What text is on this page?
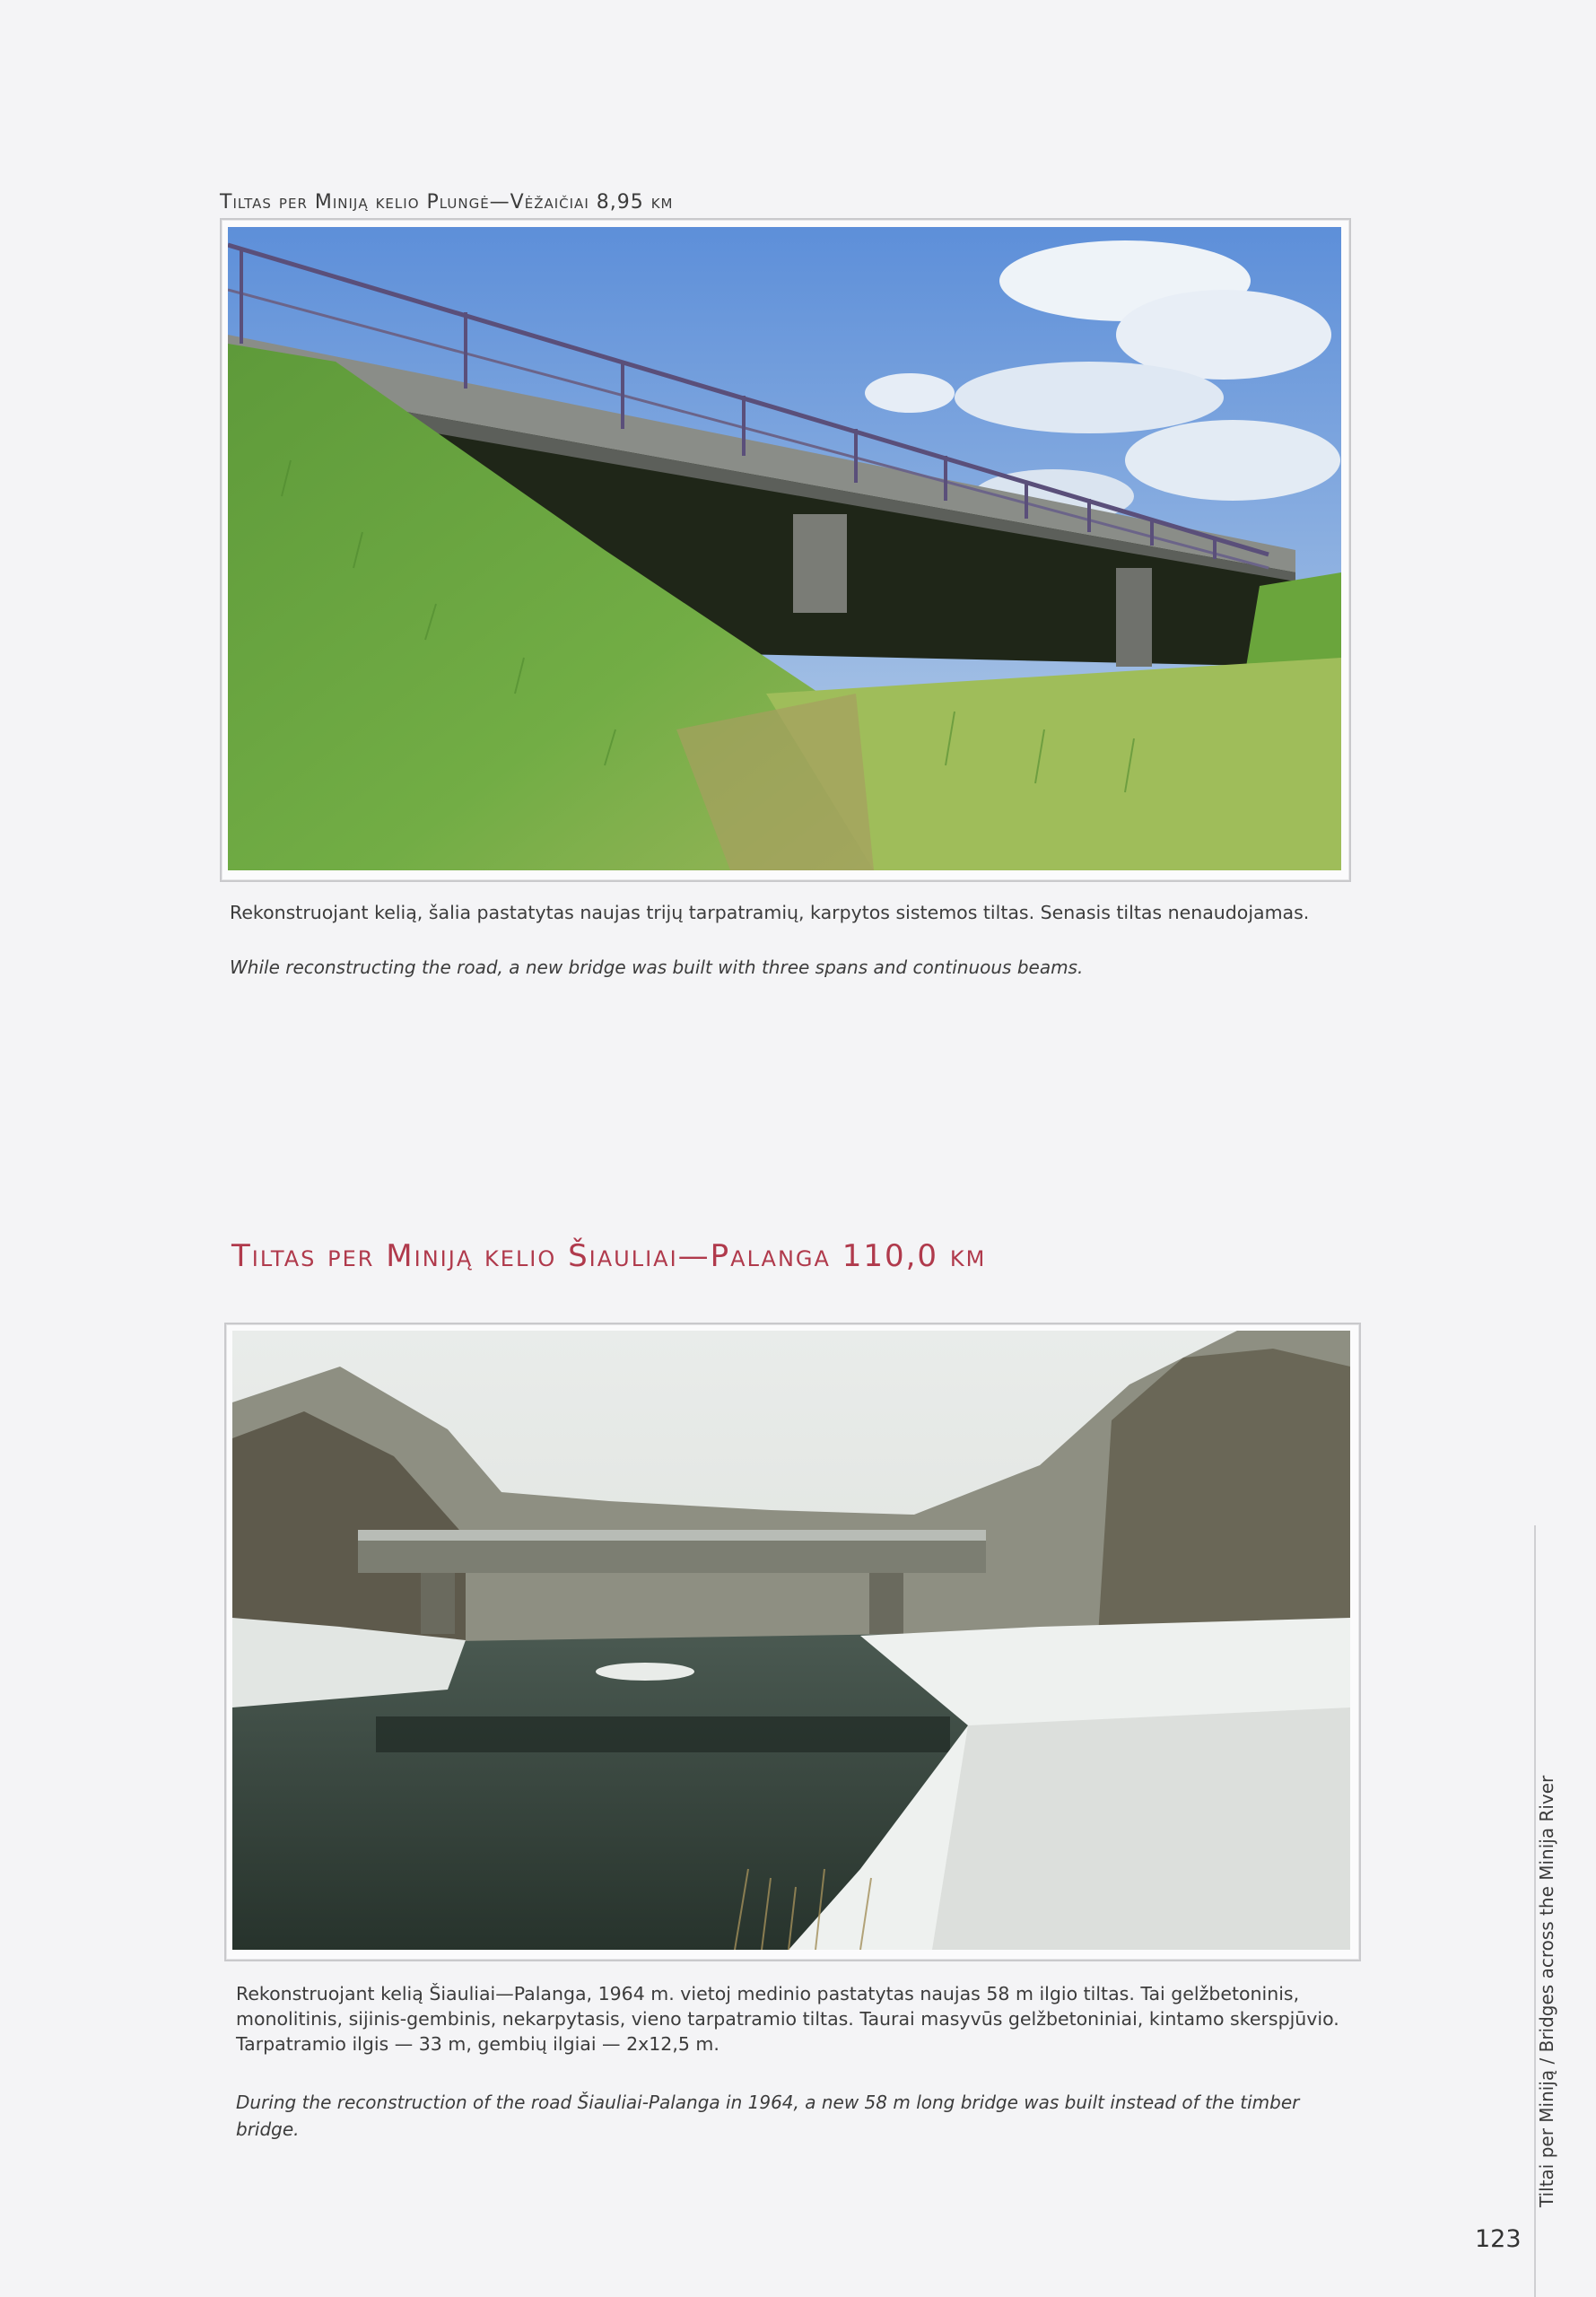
Tiltas per Miniją kelio Plungė—Vėžaičiai 8,95 km
Rekonstruojant kelią, šalia pastatytas naujas trijų tarpatramių, karpytos sistemos tiltas. Senasis tiltas nenaudojamas.
While reconstructing the road, a new bridge was built with three spans and continuous beams.
Tiltas per Miniją kelio Šiauliai—Palanga 110,0 km
Rekonstruojant kelią Šiauliai—Palanga, 1964 m. vietoj medinio pastatytas naujas 58 m ilgio tiltas. Tai gelžbetoninis, monolitinis, sijinis-gembinis, nekarpytasis, vieno tarpatramio tiltas. Taurai masyvūs gelžbetoniniai, kintamo skerspjūvio. Tarpatramio ilgis — 33 m, gembių ilgiai — 2x12,5 m.
During the reconstruction of the road Šiauliai-Palanga in 1964, a new 58 m long bridge was built instead of the timber bridge.	Tiltai per Miniją / Bridges across the Minija River
123
